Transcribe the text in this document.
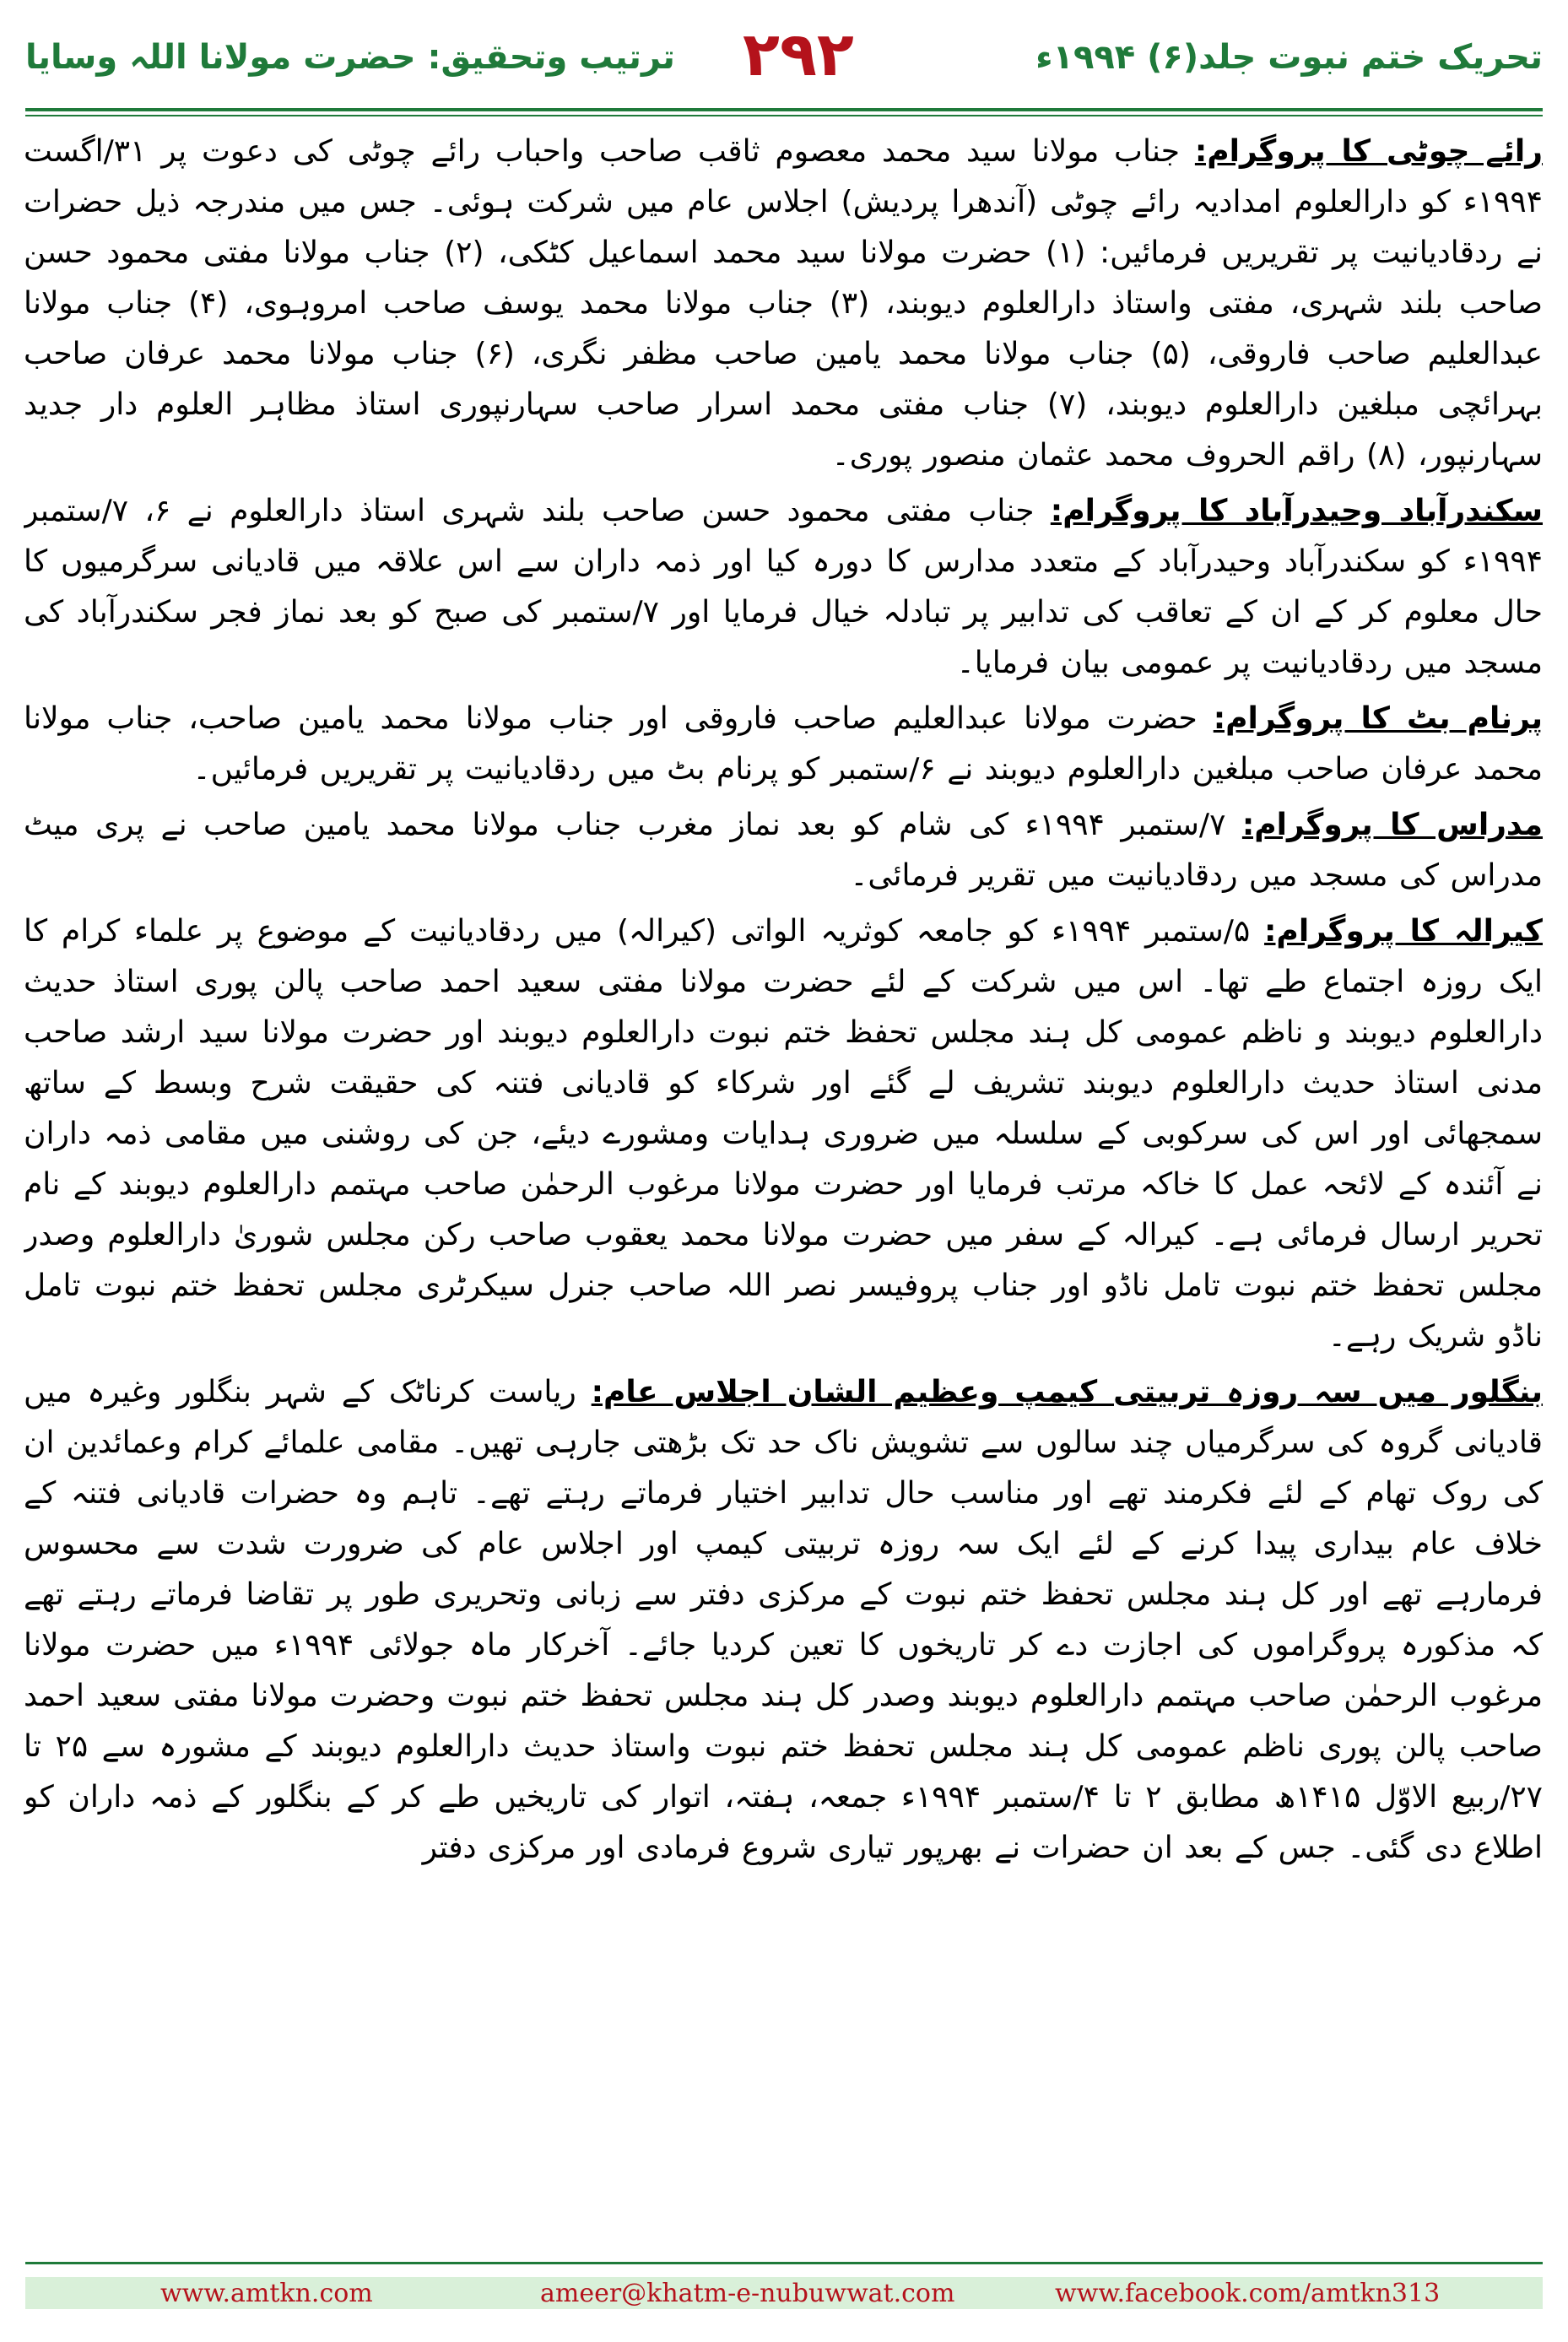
ترتیب وتحقیق: حضرت مولانا اللہ وسایا ۲۹۲	تحریک ختم نبوت جلد(۶) ۱۹۹۴ء

رائے چوٹی کا پروگرام: جناب مولانا سید محمد معصوم ثاقب صاحب واحباب رائے چوٹی کی دعوت پر ۳۱/اگست ۱۹۹۴ء کو دارالعلوم امدادیہ رائے چوٹی (آندھرا پردیش) اجلاس عام میں شرکت ہوئی۔ جس میں مندرجہ ذیل حضرات نے ردقادیانیت پر تقریریں فرمائیں: (۱) حضرت مولانا سید محمد اسماعیل کٹکی، (۲) جناب مولانا مفتی محمود حسن صاحب بلند شہری، مفتی واستاذ دارالعلوم دیوبند، (۳) جناب مولانا محمد یوسف صاحب امروہوی، (۴) جناب مولانا عبدالعلیم صاحب فاروقی، (۵) جناب مولانا محمد یامین صاحب مظفر نگری، (۶) جناب مولانا محمد عرفان صاحب بہرائچی مبلغین دارالعلوم دیوبند، (۷) جناب مفتی محمد اسرار صاحب سہارنپوری استاذ مظاہر العلوم دار جدید سہارنپور، (۸) راقم الحروف محمد عثمان منصور پوری۔

سکندرآباد وحیدرآباد کا پروگرام: جناب مفتی محمود حسن صاحب بلند شہری استاذ دارالعلوم نے ۶، ۷/ستمبر ۱۹۹۴ء کو سکندرآباد وحیدرآباد کے متعدد مدارس کا دورہ کیا اور ذمہ داران سے اس علاقہ میں قادیانی سرگرمیوں کا حال معلوم کر کے ان کے تعاقب کی تدابیر پر تبادلہ خیال فرمایا اور ۷/ستمبر کی صبح کو بعد نماز فجر سکندرآباد کی مسجد میں ردقادیانیت پر عمومی بیان فرمایا۔

پرنام بٹ کا پروگرام: حضرت مولانا عبدالعلیم صاحب فاروقی اور جناب مولانا محمد یامین صاحب، جناب مولانا محمد عرفان صاحب مبلغین دارالعلوم دیوبند نے ۶/ستمبر کو پرنام بٹ میں ردقادیانیت پر تقریریں فرمائیں۔

مدراس کا پروگرام: ۷/ستمبر ۱۹۹۴ء کی شام کو بعد نماز مغرب جناب مولانا محمد یامین صاحب نے پری میٹ مدراس کی مسجد میں ردقادیانیت میں تقریر فرمائی۔

کیرالہ کا پروگرام: ۵/ستمبر ۱۹۹۴ء کو جامعہ کوثریہ الواتی (کیرالہ) میں ردقادیانیت کے موضوع پر علماء کرام کا ایک روزہ اجتماع طے تھا۔ اس میں شرکت کے لئے حضرت مولانا مفتی سعید احمد صاحب پالن پوری استاذ حدیث دارالعلوم دیوبند و ناظم عمومی کل ہند مجلس تحفظ ختم نبوت دارالعلوم دیوبند اور حضرت مولانا سید ارشد صاحب مدنی استاذ حدیث دارالعلوم دیوبند تشریف لے گئے اور شرکاء کو قادیانی فتنہ کی حقیقت شرح وبسط کے ساتھ سمجھائی اور اس کی سرکوبی کے سلسلہ میں ضروری ہدایات ومشورے دیئے، جن کی روشنی میں مقامی ذمہ داران نے آئندہ کے لائحہ عمل کا خاکہ مرتب فرمایا اور حضرت مولانا مرغوب الرحمٰن صاحب مہتمم دارالعلوم دیوبند کے نام تحریر ارسال فرمائی ہے۔ کیرالہ کے سفر میں حضرت مولانا محمد یعقوب صاحب رکن مجلس شوریٰ دارالعلوم وصدر مجلس تحفظ ختم نبوت تامل ناڈو اور جناب پروفیسر نصر اللہ صاحب جنرل سیکرٹری مجلس تحفظ ختم نبوت تامل ناڈو شریک رہے۔

بنگلور میں سہ روزہ تربیتی کیمپ وعظیم الشان اجلاس عام: ریاست کرناٹک کے شہر بنگلور وغیرہ میں قادیانی گروہ کی سرگرمیاں چند سالوں سے تشویش ناک حد تک بڑھتی جارہی تھیں۔ مقامی علمائے کرام وعمائدین ان کی روک تھام کے لئے فکرمند تھے اور مناسب حال تدابیر اختیار فرماتے رہتے تھے۔ تاہم وہ حضرات قادیانی فتنہ کے خلاف عام بیداری پیدا کرنے کے لئے ایک سہ روزہ تربیتی کیمپ اور اجلاس عام کی ضرورت شدت سے محسوس فرمارہے تھے اور کل ہند مجلس تحفظ ختم نبوت کے مرکزی دفتر سے زبانی وتحریری طور پر تقاضا فرماتے رہتے تھے کہ مذکورہ پروگراموں کی اجازت دے کر تاریخوں کا تعین کردیا جائے۔ آخرکار ماہ جولائی ۱۹۹۴ء میں حضرت مولانا مرغوب الرحمٰن صاحب مہتمم دارالعلوم دیوبند وصدر کل ہند مجلس تحفظ ختم نبوت وحضرت مولانا مفتی سعید احمد صاحب پالن پوری ناظم عمومی کل ہند مجلس تحفظ ختم نبوت واستاذ حدیث دارالعلوم دیوبند کے مشورہ سے ۲۵ تا ۲۷/ربیع الاوّل ۱۴۱۵ھ مطابق ۲ تا ۴/ستمبر ۱۹۹۴ء جمعہ، ہفتہ، اتوار کی تاریخیں طے کر کے بنگلور کے ذمہ داران کو اطلاع دی گئی۔ جس کے بعد ان حضرات نے بھرپور تیاری شروع فرمادی اور مرکزی دفتر

www.amtkn.com	ameer@khatm-e-nubuwwat.com	www.facebook.com/amtkn313
